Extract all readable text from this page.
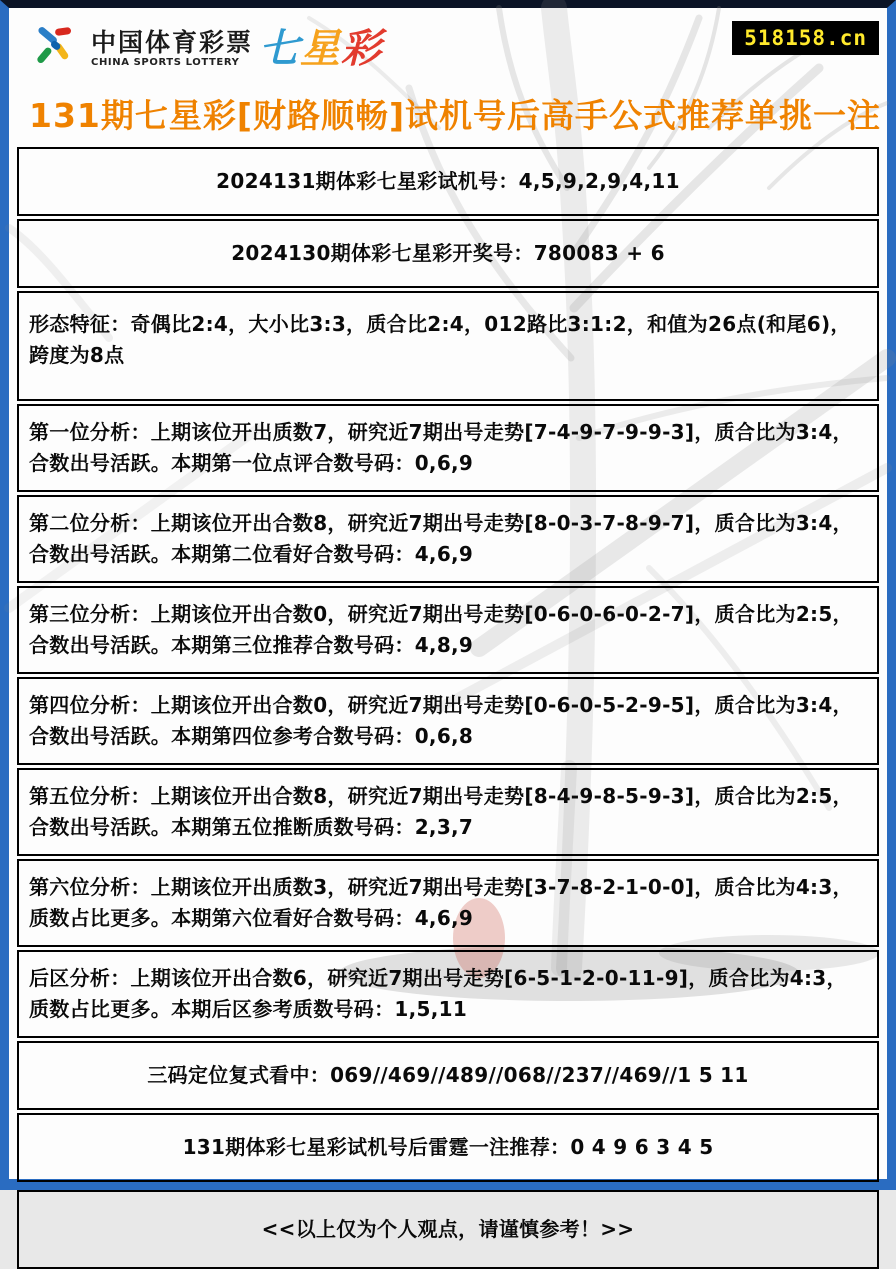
中国体育彩票
CHINA SPORTS LOTTERY 七星彩	518158.cn
131期七星彩[财路顺畅]试机号后高手公式推荐单挑一注
2024131期体彩七星彩试机号：4,5,9,2,9,4,11
2024130期体彩七星彩开奖号：780083 + 6
形态特征：奇偶比2:4，大小比3:3，质合比2:4，012路比3:1:2，和值为26点(和尾6)，跨度为8点
第一位分析：上期该位开出质数7，研究近7期出号走势[7-4-9-7-9-9-3]，质合比为3:4，合数出号活跃。本期第一位点评合数号码：0,6,9
第二位分析：上期该位开出合数8，研究近7期出号走势[8-0-3-7-8-9-7]，质合比为3:4，合数出号活跃。本期第二位看好合数号码：4,6,9
第三位分析：上期该位开出合数0，研究近7期出号走势[0-6-0-6-0-2-7]，质合比为2:5，合数出号活跃。本期第三位推荐合数号码：4,8,9
第四位分析：上期该位开出合数0，研究近7期出号走势[0-6-0-5-2-9-5]，质合比为3:4，合数出号活跃。本期第四位参考合数号码：0,6,8
第五位分析：上期该位开出合数8，研究近7期出号走势[8-4-9-8-5-9-3]，质合比为2:5，合数出号活跃。本期第五位推断质数号码：2,3,7
第六位分析：上期该位开出质数3，研究近7期出号走势[3-7-8-2-1-0-0]，质合比为4:3，质数占比更多。本期第六位看好合数号码：4,6,9
后区分析：上期该位开出合数6，研究近7期出号走势[6-5-1-2-0-11-9]，质合比为4:3，质数占比更多。本期后区参考质数号码：1,5,11
三码定位复式看中：069//469//489//068//237//469//1 5 11
131期体彩七星彩试机号后雷霆一注推荐：0 4 9 6 3 4 5
<<以上仅为个人观点，请谨慎参考！>>
